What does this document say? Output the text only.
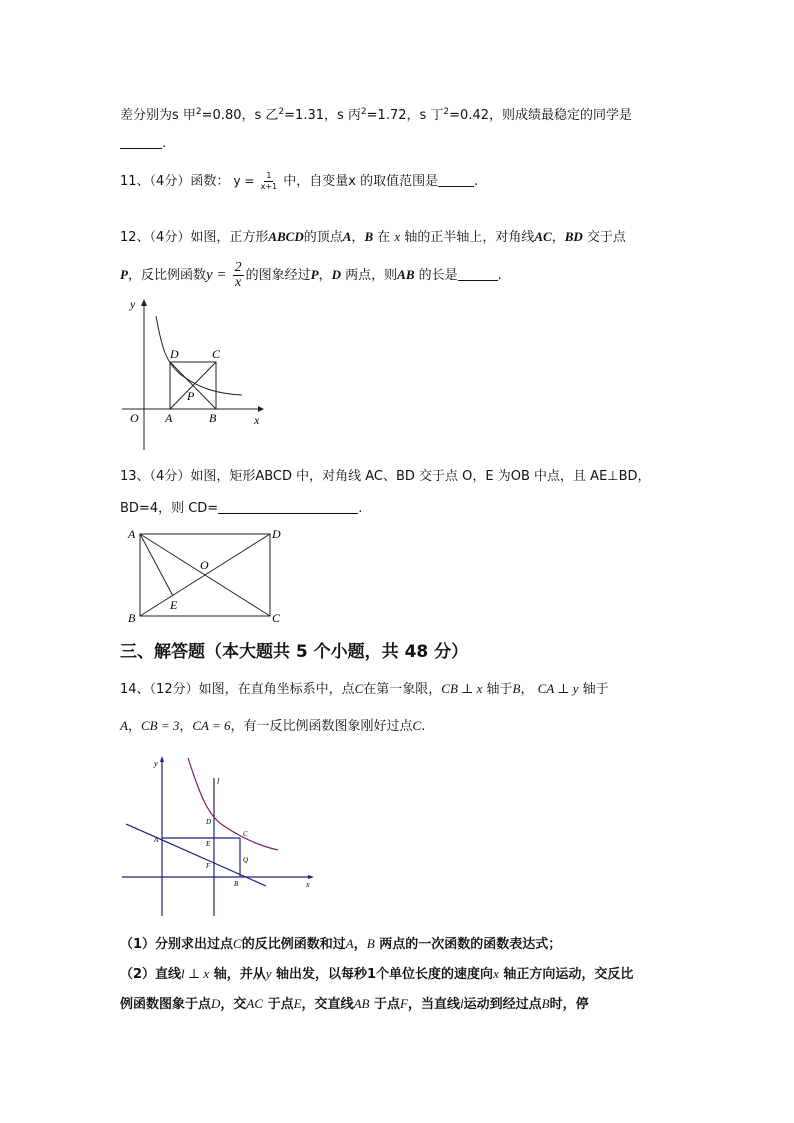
差分别为s 甲$^2$=0.80，s 乙$^2$=1.31，s 丙$^2$=1.72，s 丁$^2$=0.42，则成绩最稳定的同学是
.
11、（4分）函数： $y = \frac{1}{x+1}$ 中，自变量x 的取值范围是	.
12、（4分）如图，正方形ABCD的顶点A，B 在 x 轴的正半轴上，对角线AC，BD 交于点
P，反比例函数$y = \frac{2}{x}$ 的图象经过P，D 两点，则AB 的长是	.
y
x
O A	B
C
D
P
13、（4分）如图，矩形ABCD 中，对角线 AC、BD 交于点 O，E 为OB 中点，且 AE⊥BD，
BD=4，则 CD=	.
A	D
B	C
O
E
三、解答题（本大题共 5 个小题，共 48 分）
14、（12分）如图，在直角坐标系中，点C在第一象限，CB ⊥ x 轴于B， CA ⊥ y 轴于
A，CB = 3，CA = 6，有一反比例函数图象刚好过点C.
y
x
l
A
B
C
D
E
F
Q
（1）分别求出过点C的反比例函数和过A，B 两点的一次函数的函数表达式；
（2）直线l ⊥ x 轴，并从y 轴出发，以每秒1个单位长度的速度向x 轴正方向运动，交反比
例函数图象于点D，交AC 于点E，交直线AB 于点F，当直线l运动到经过点B时，停
